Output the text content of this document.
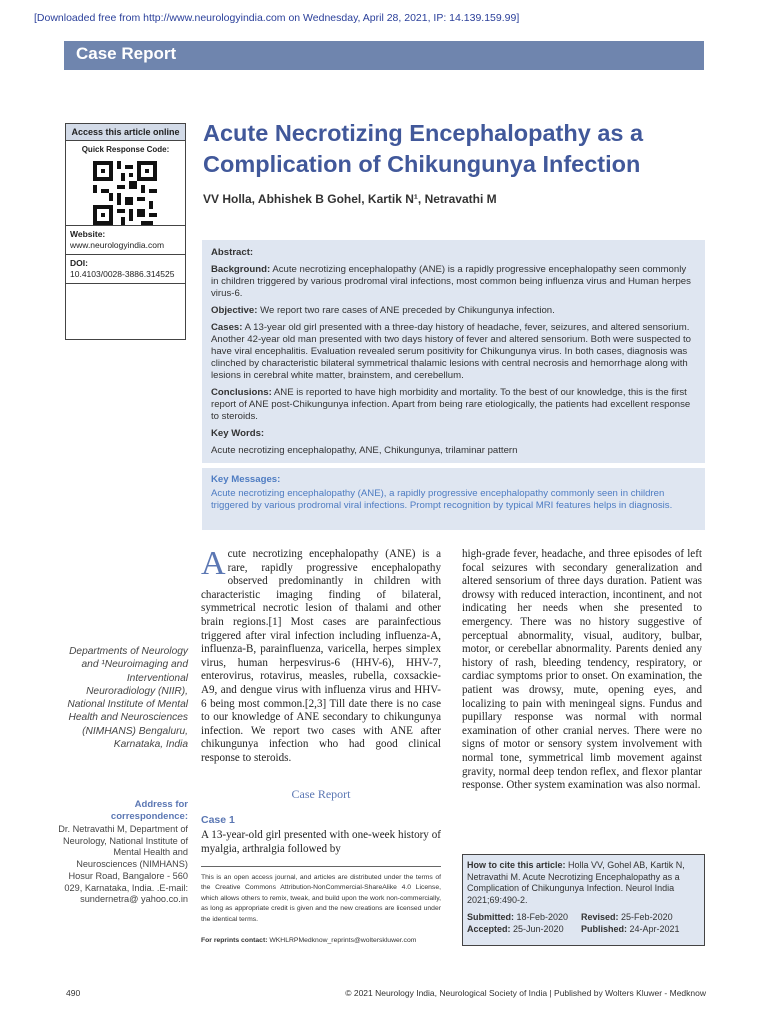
[Downloaded free from http://www.neurologyindia.com on Wednesday, April 28, 2021, IP: 14.139.159.99]
Case Report
Access this article online
Quick Response Code:
Website:
www.neurologyindia.com
DOI:
10.4103/0028-3886.314525
Acute Necrotizing Encephalopathy as a
Complication of Chikungunya Infection
VV Holla, Abhishek B Gohel, Kartik N¹, Netravathi M

Abstract:

Background: Acute necrotizing encephalopathy (ANE) is a rapidly progressive encephalopathy seen commonly in children triggered by various prodromal viral infections, most common being influenza virus and Human herpes virus-6.

Objective: We report two rare cases of ANE preceded by Chikungunya infection.

Cases: A 13-year old girl presented with a three-day history of headache, fever, seizures, and altered sensorium. Another 42-year old man presented with two days history of fever and altered sensorium. Both were suspected to have viral encephalitis. Evaluation revealed serum positivity for Chikungunya virus. In both cases, diagnosis was clinched by characteristic bilateral symmetrical thalamic lesions with central necrosis and hemorrhage along with lesions in cerebral white matter, brainstem, and cerebellum.

Conclusions: ANE is reported to have high morbidity and mortality. To the best of our knowledge, this is the first report of ANE post-Chikungunya infection. Apart from being rare etiologically, the patients had excellent response to steroids.

Key Words:

Acute necrotizing encephalopathy, ANE, Chikungunya, trilaminar pattern

Key Messages:
Acute necrotizing encephalopathy (ANE), a rapidly progressive encephalopathy commonly seen in children triggered by various prodromal viral infections. Prompt recognition by typical MRI features helps in diagnosis.
Departments of Neurology and ¹Neuroimaging and Interventional Neuroradiology (NIIR), National Institute of Mental Health and Neurosciences (NIMHANS) Bengaluru, Karnataka, India
Address for correspondence:
Dr. Netravathi M, Department of Neurology, National Institute of Mental Health and Neurosciences (NIMHANS) Hosur Road, Bangalore - 560 029, Karnataka, India. .E-mail: sundernetra@ yahoo.co.in
Acute necrotizing encephalopathy (ANE) is a rare, rapidly progressive encephalopathy observed predominantly in children with characteristic imaging finding of bilateral, symmetrical necrotic lesion of thalami and other brain regions.[1] Most cases are parainfectious triggered after viral infection including influenza-A, influenza-B, parainfluenza, varicella, herpes simplex virus, human herpesvirus-6 (HHV-6), HHV-7, enterovirus, rotavirus, measles, rubella, coxsackie-A9, and dengue virus with influenza virus and HHV-6 being most common.[2,3] Till date there is no case to our knowledge of ANE secondary to chikungunya infection. We report two cases with ANE after chikungunya infection who had good clinical response to steroids.
Case Report
Case 1
A 13-year-old girl presented with one-week history of myalgia, arthralgia followed by
high-grade fever, headache, and three episodes of left focal seizures with secondary generalization and altered sensorium of three days duration. Patient was drowsy with reduced interaction, incontinent, and not indicating her needs when she presented to emergency. There was no history suggestive of perceptual abnormality, visual, auditory, bulbar, motor, or cerebellar abnormality. Parents denied any history of rash, bleeding tendency, respiratory, or cardiac symptoms prior to onset. On examination, the patient was drowsy, mute, opening eyes, and localizing to pain with meningeal signs. Fundus and pupillary response was normal with normal examination of other cranial nerves. There were no signs of motor or sensory system involvement with normal tone, symmetrical limb movement against gravity, normal deep tendon reflex, and flexor plantar response. Other system examination was also normal.
This is an open access journal, and articles are distributed under the terms of the Creative Commons Attribution-NonCommercial-ShareAlike 4.0 License, which allows others to remix, tweak, and build upon the work non-commercially, as long as appropriate credit is given and the new creations are licensed under the identical terms.
For reprints contact: WKHLRPMedknow_reprints@wolterskluwer.com
How to cite this article: Holla VV, Gohel AB, Kartik N, Netravathi M. Acute Necrotizing Encephalopathy as a Complication of Chikungunya Infection. Neurol India 2021;69:490-2.
Submitted: 18-Feb-2020	Revised: 25-Feb-2020
Accepted: 25-Jun-2020	Published: 24-Apr-2021
490	© 2021 Neurology India, Neurological Society of India | Published by Wolters Kluwer - Medknow
